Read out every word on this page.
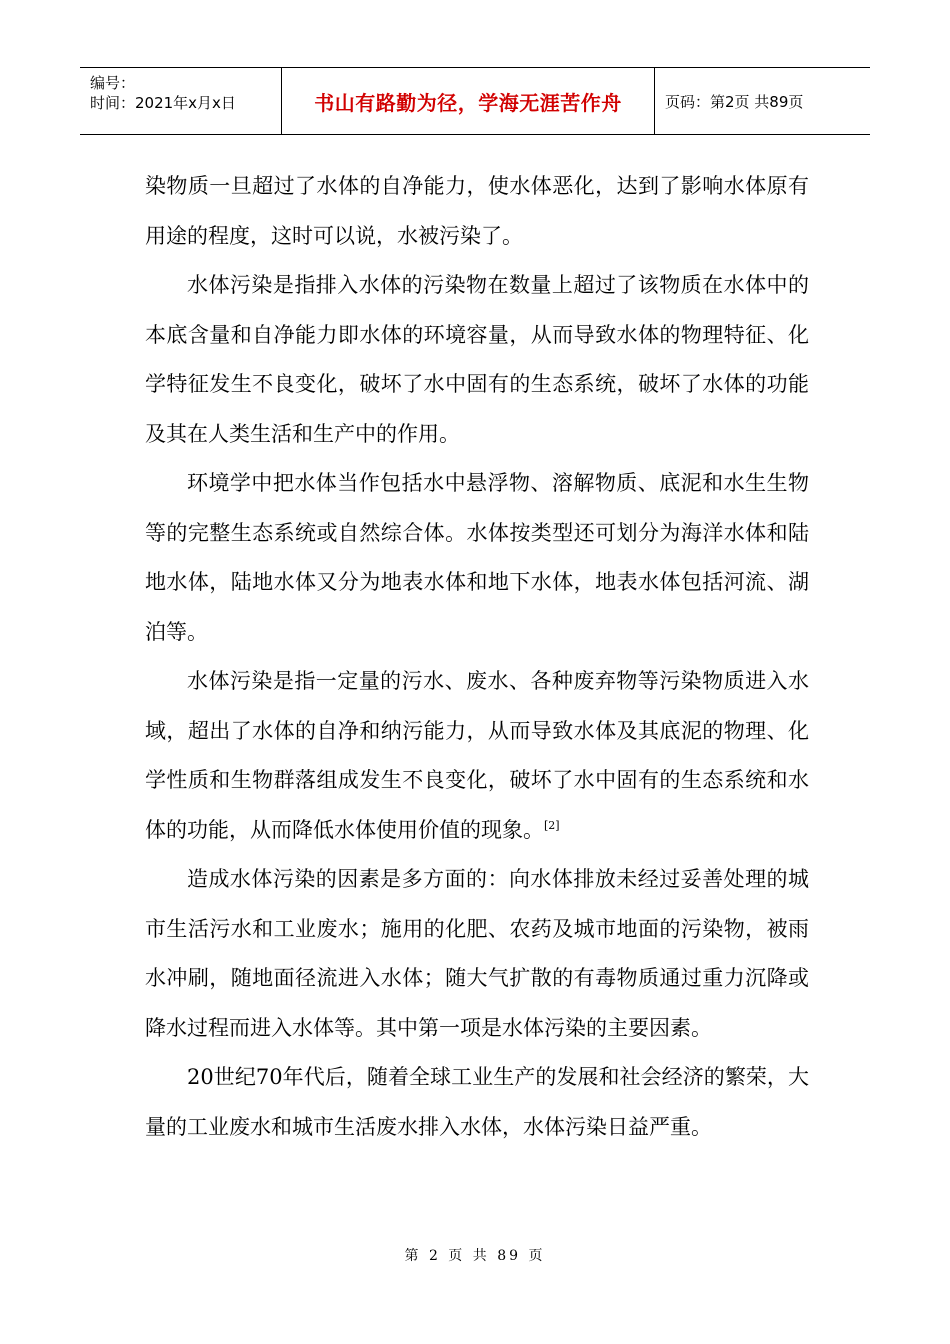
编号：
时间：2021年x月x日	书山有路勤为径，学海无涯苦作舟	页码：第2页 共89页

染物质一旦超过了水体的自净能力，使水体恶化，达到了影响水体原有用途的程度，这时可以说，水被污染了。

水体污染是指排入水体的污染物在数量上超过了该物质在水体中的本底含量和自净能力即水体的环境容量，从而导致水体的物理特征、化学特征发生不良变化，破坏了水中固有的生态系统，破坏了水体的功能及其在人类生活和生产中的作用。

环境学中把水体当作包括水中悬浮物、溶解物质、底泥和水生生物等的完整生态系统或自然综合体。水体按类型还可划分为海洋水体和陆地水体，陆地水体又分为地表水体和地下水体，地表水体包括河流、湖泊等。

水体污染是指一定量的污水、废水、各种废弃物等污染物质进入水域，超出了水体的自净和纳污能力，从而导致水体及其底泥的物理、化学性质和生物群落组成发生不良变化，破坏了水中固有的生态系统和水体的功能，从而降低水体使用价值的现象。[2]

造成水体污染的因素是多方面的：向水体排放未经过妥善处理的城市生活污水和工业废水；施用的化肥、农药及城市地面的污染物，被雨水冲刷，随地面径流进入水体；随大气扩散的有毒物质通过重力沉降或降水过程而进入水体等。其中第一项是水体污染的主要因素。

20世纪70年代后，随着全球工业生产的发展和社会经济的繁荣，大量的工业废水和城市生活废水排入水体，水体污染日益严重。

第 2 页 共 89 页
